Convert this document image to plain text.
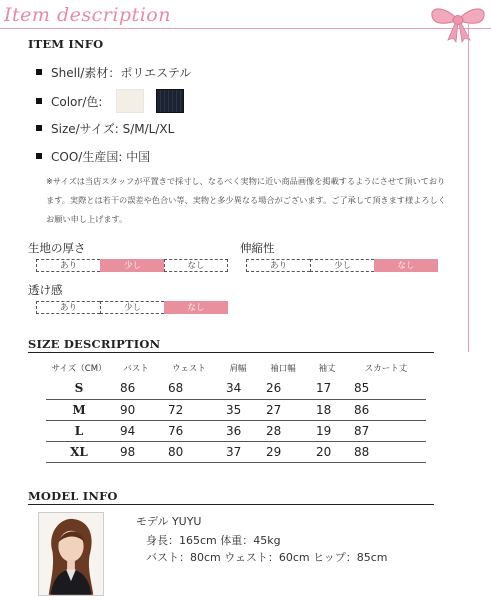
Item description
ITEM INFO
Shell/素材：ポリエステル
Color/色:
Size/サイズ: S/M/L/XL
COO/生産国: 中国
※サイズは当店スタッフが平置きで採寸し、なるべく実物に近い商品画像を掲載するようにさせて頂いております。実際とは若干の誤差や色合い等、実物と多少異なる場合がございます。ご了承して頂きます様よろしくお願い申し上げます。
生地の厚さ
あり	少し	なし
伸縮性
あり	少し	なし
透け感
あり	少し	なし
SIZE DESCRIPTION
サイズ（CM）	バスト	ウェスト	肩幅	袖口幅	袖丈	スカート丈
S	86	68	34	26	17	85
M	90	72	35	27	18	86
L	94	76	36	28	19	87
XL	98	80	37	29	20	88
MODEL INFO
モデル YUYU
身長：165cm 体重：45kg
バスト：80cm ウェスト：60cm ヒップ：85cm
